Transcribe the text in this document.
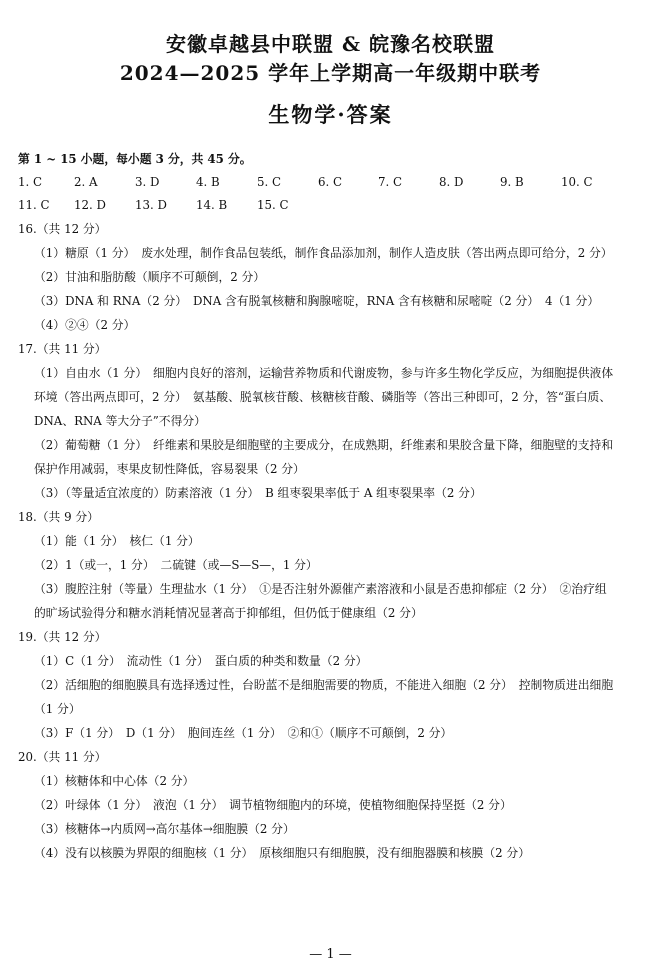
安徽卓越县中联盟 & 皖豫名校联盟
2024—2025 学年上学期高一年级期中联考
生物学·答案
第 1 ~ 15 小题，每小题 3 分，共 45 分。
1. C	2. A	3. D	4. B	5. C	6. C	7. C	8. D	9. B	10. C
11. C 12. D 13. D 14. B	15. C
16.（共 12 分）
（1）糖原（1 分）　废水处理，制作食品包装纸，制作食品添加剂，制作人造皮肤（答出两点即可给分，2 分）
（2）甘油和脂肪酸（顺序不可颠倒，2 分）
（3）DNA 和 RNA（2 分）　DNA 含有脱氧核糖和胸腺嘧啶，RNA 含有核糖和尿嘧啶（2 分）　4（1 分）
（4）②④（2 分）
17.（共 11 分）
（1）自由水（1 分）　细胞内良好的溶剂，运输营养物质和代谢废物，参与许多生物化学反应，为细胞提供液体
环境（答出两点即可，2 分）　氨基酸、脱氧核苷酸、核糖核苷酸、磷脂等（答出三种即可，2 分，答“蛋白质、
DNA、RNA 等大分子”不得分）
（2）葡萄糖（1 分）　纤维素和果胶是细胞壁的主要成分，在成熟期，纤维素和果胶含量下降，细胞壁的支持和
保护作用减弱，枣果皮韧性降低，容易裂果（2 分）
（3）（等量适宜浓度的）防素溶液（1 分）　B 组枣裂果率低于 A 组枣裂果率（2 分）
18.（共 9 分）
（1）能（1 分）　核仁（1 分）
（2）1（或一，1 分）　二硫键（或—S—S—，1 分）
（3）腹腔注射（等量）生理盐水（1 分）　①是否注射外源催产素溶液和小鼠是否患抑郁症（2 分）　②治疗组
的旷场试验得分和糖水消耗情况显著高于抑郁组，但仍低于健康组（2 分）
19.（共 12 分）
（1）C（1 分）　流动性（1 分）　蛋白质的种类和数量（2 分）
（2）活细胞的细胞膜具有选择透过性，台盼蓝不是细胞需要的物质，不能进入细胞（2 分）　控制物质进出细胞
（1 分）
（3）F（1 分）　D（1 分）　胞间连丝（1 分）　②和①（顺序不可颠倒，2 分）
20.（共 11 分）
（1）核糖体和中心体（2 分）
（2）叶绿体（1 分）　液泡（1 分）　调节植物细胞内的环境，使植物细胞保持坚挺（2 分）
（3）核糖体→内质网→高尔基体→细胞膜（2 分）
（4）没有以核膜为界限的细胞核（1 分）　原核细胞只有细胞膜，没有细胞器膜和核膜（2 分）
— 1 —
